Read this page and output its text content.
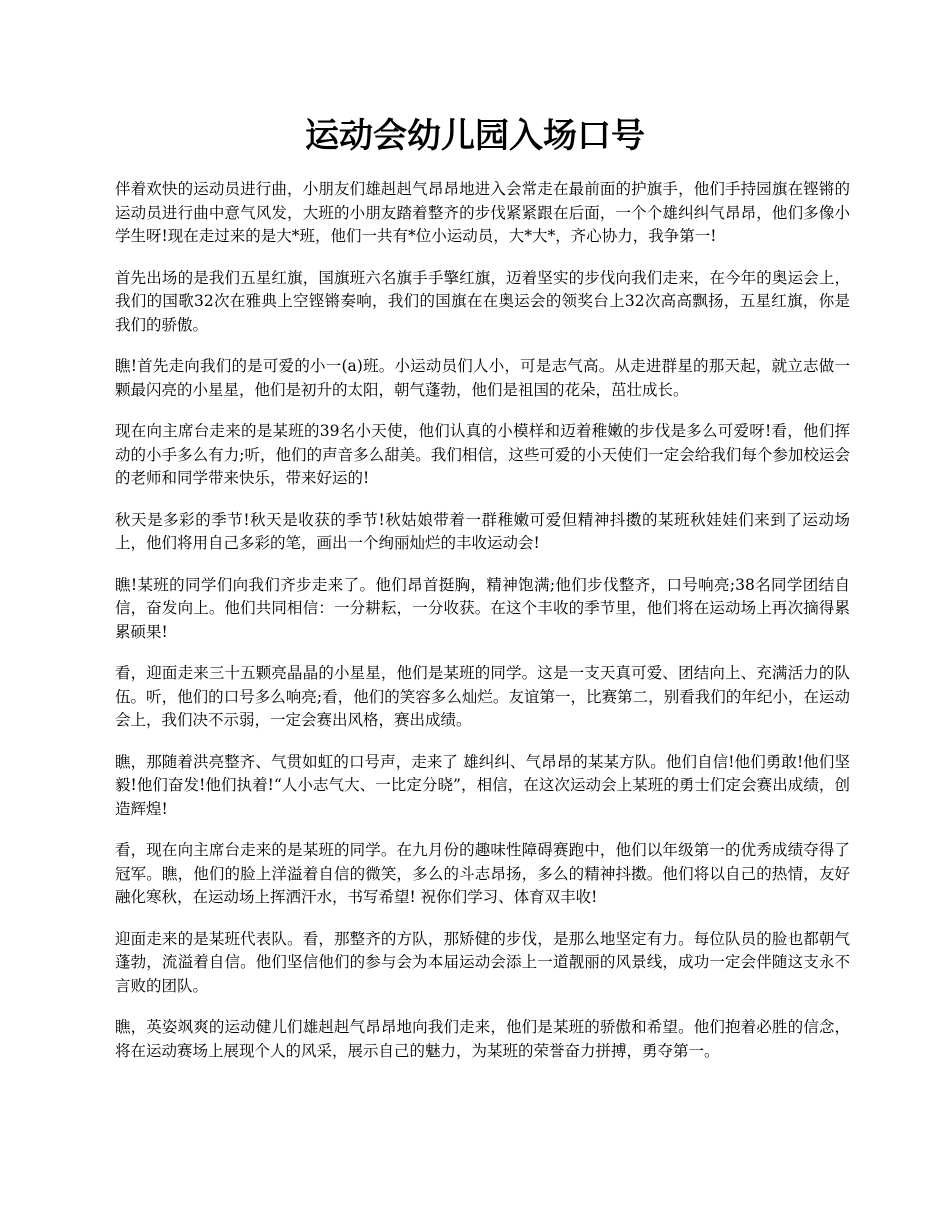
运动会幼儿园入场口号

伴着欢快的运动员进行曲，小朋友们雄赳赳气昂昂地进入会常走在最前面的护旗手，他们手持园旗在铿锵的运动员进行曲中意气风发，大班的小朋友踏着整齐的步伐紧紧跟在后面，一个个雄纠纠气昂昂，他们多像小学生呀!现在走过来的是大*班，他们一共有*位小运动员，大*大*，齐心协力，我争第一!

首先出场的是我们五星红旗，国旗班六名旗手手擎红旗，迈着坚实的步伐向我们走来，在今年的奥运会上，我们的国歌32次在雅典上空铿锵奏响，我们的国旗在在奥运会的领奖台上32次高高飘扬，五星红旗，你是我们的骄傲。

瞧!首先走向我们的是可爱的小一(a)班。小运动员们人小，可是志气高。从走进群星的那天起，就立志做一颗最闪亮的小星星，他们是初升的太阳，朝气蓬勃，他们是祖国的花朵，茁壮成长。

现在向主席台走来的是某班的39名小天使，他们认真的小模样和迈着稚嫩的步伐是多么可爱呀!看，他们挥动的小手多么有力;听，他们的声音多么甜美。我们相信，这些可爱的小天使们一定会给我们每个参加校运会的老师和同学带来快乐，带来好运的!

秋天是多彩的季节!秋天是收获的季节!秋姑娘带着一群稚嫩可爱但精神抖擞的某班秋娃娃们来到了运动场上，他们将用自己多彩的笔，画出一个绚丽灿烂的丰收运动会!

瞧!某班的同学们向我们齐步走来了。他们昂首挺胸，精神饱满;他们步伐整齐，口号响亮;38名同学团结自信，奋发向上。他们共同相信：一分耕耘，一分收获。在这个丰收的季节里，他们将在运动场上再次摘得累累硕果!

看，迎面走来三十五颗亮晶晶的小星星，他们是某班的同学。这是一支天真可爱、团结向上、充满活力的队伍。听，他们的口号多么响亮;看，他们的笑容多么灿烂。友谊第一，比赛第二，别看我们的年纪小，在运动会上，我们决不示弱，一定会赛出风格，赛出成绩。

瞧，那随着洪亮整齐、气贯如虹的口号声，走来了 雄纠纠、气昂昂的某某方队。他们自信!他们勇敢!他们坚毅!他们奋发!他们执着!“人小志气大、一比定分晓”，相信，在这次运动会上某班的勇士们定会赛出成绩，创造辉煌!

看，现在向主席台走来的是某班的同学。在九月份的趣味性障碍赛跑中，他们以年级第一的优秀成绩夺得了冠军。瞧，他们的脸上洋溢着自信的微笑，多么的斗志昂扬，多么的精神抖擞。他们将以自己的热情，友好融化寒秋，在运动场上挥洒汗水，书写希望! 祝你们学习、体育双丰收!

迎面走来的是某班代表队。看，那整齐的方队，那矫健的步伐，是那么地坚定有力。每位队员的脸也都朝气蓬勃，流溢着自信。他们坚信他们的参与会为本届运动会添上一道靓丽的风景线，成功一定会伴随这支永不言败的团队。

瞧，英姿飒爽的运动健儿们雄赳赳气昂昂地向我们走来，他们是某班的骄傲和希望。他们抱着必胜的信念，将在运动赛场上展现个人的风采，展示自己的魅力，为某班的荣誉奋力拼搏，勇夺第一。
